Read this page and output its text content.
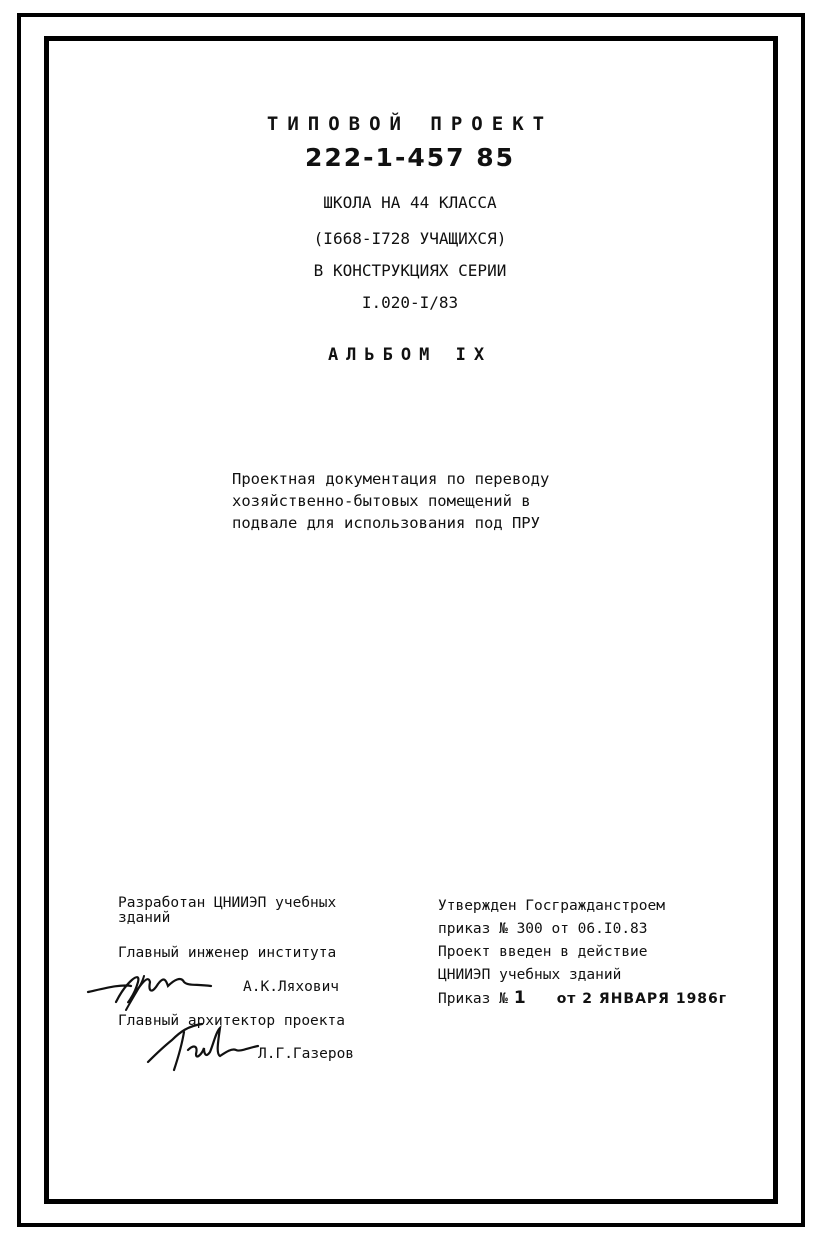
ТИПОВОЙ ПРОЕКТ
222-1-457 85
ШКОЛА НА 44 КЛАССА
(I668-I728 УЧАЩИХСЯ)
В КОНСТРУКЦИЯХ СЕРИИ
I.020-I/83
АЛЬБОМ IX
Проектная документация по переводу
хозяйственно-бытовых помещений в
подвале для использования под ПРУ
Разработан ЦНИИЭП учебных
зданий
Главный инженер института
А.К.Ляхович
Главный архитектор проекта
Л.Г.Газеров
Утвержден Госгражданстроем
приказ № 300 от 06.I0.83
Проект введен в действие
ЦНИИЭП учебных зданий
Приказ № 1 от 2 ЯНВАРЯ 1986г
